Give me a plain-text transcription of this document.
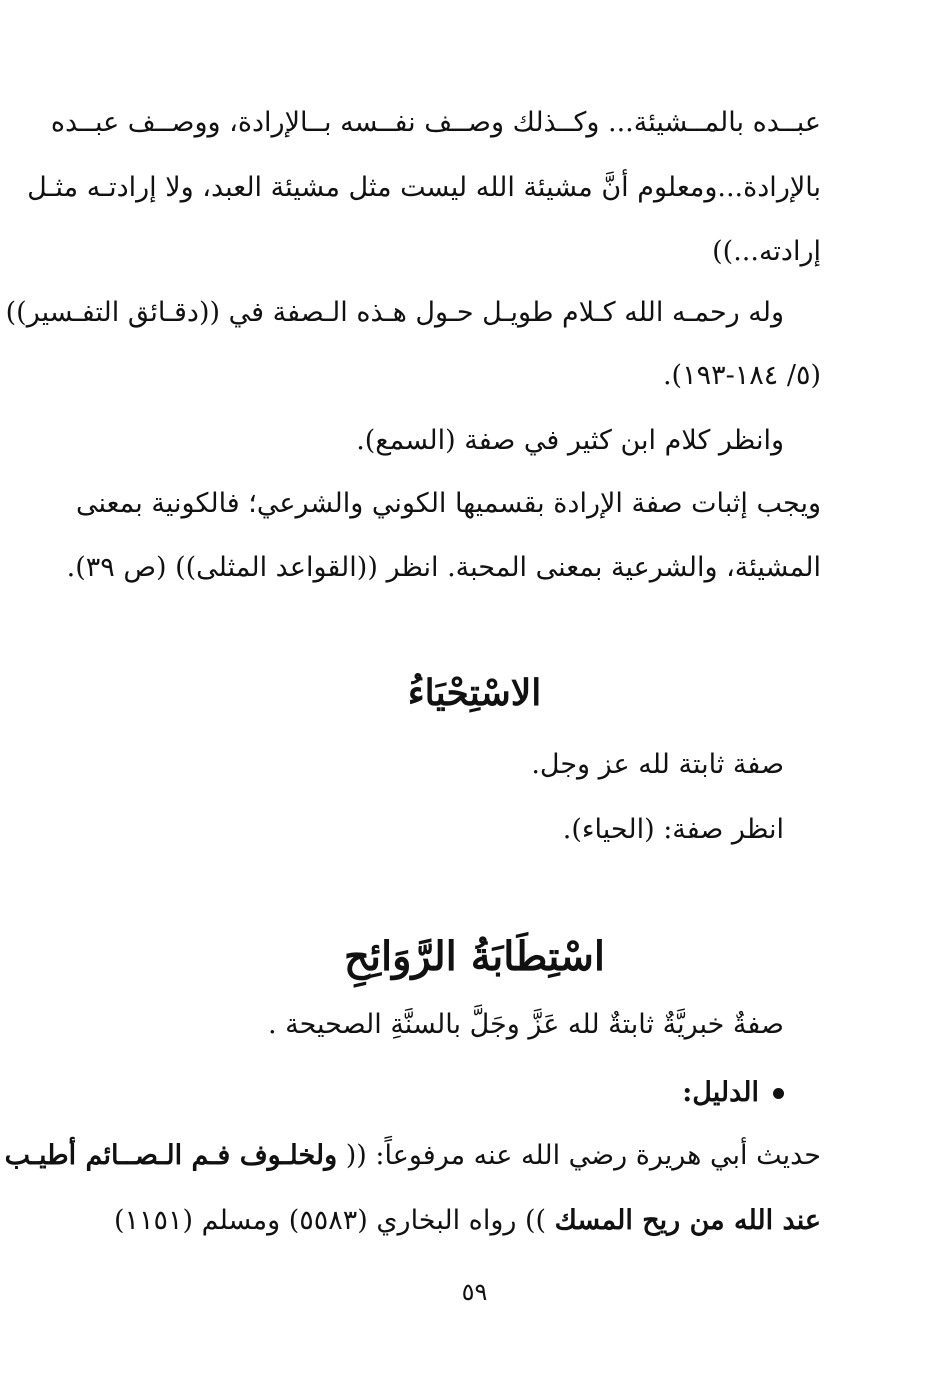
عبــده بالمــشيئة... وكــذلك وصــف نفــسه بــالإرادة، ووصــف عبــده
بالإرادة...ومعلوم أنَّ مشيئة الله ليست مثل مشيئة العبد، ولا إرادتـه مثـل
إرادته...))
وله رحمـه الله كـلام طويـل حـول هـذه الـصفة في ((دقـائق التفـسير))
(٥/ ١٨٤-١٩٣).
وانظر كلام ابن كثير في صفة (السمع).
ويجب إثبات صفة الإرادة بقسميها الكوني والشرعي؛ فالكونية بمعنى
المشيئة، والشرعية بمعنى المحبة. انظر ((القواعد المثلى)) (ص ٣٩).
الاسْتِحْيَاءُ
صفة ثابتة لله عز وجل.
انظر صفة: (الحياء).
اسْتِطَابَةُ الرَّوَائِحِ
صفةٌ خبريَّةٌ ثابتةٌ لله عَزَّ وجَلَّ بالسنَّةِ الصحيحة .
الدليل:
حديث أبي هريرة رضي الله عنه مرفوعاً: (( ولخلـوف فـم الـصــائم أطيـب
عند الله من ريح المسك )) رواه البخاري (٥٥٨٣) ومسلم (١١٥١)
٥٩
